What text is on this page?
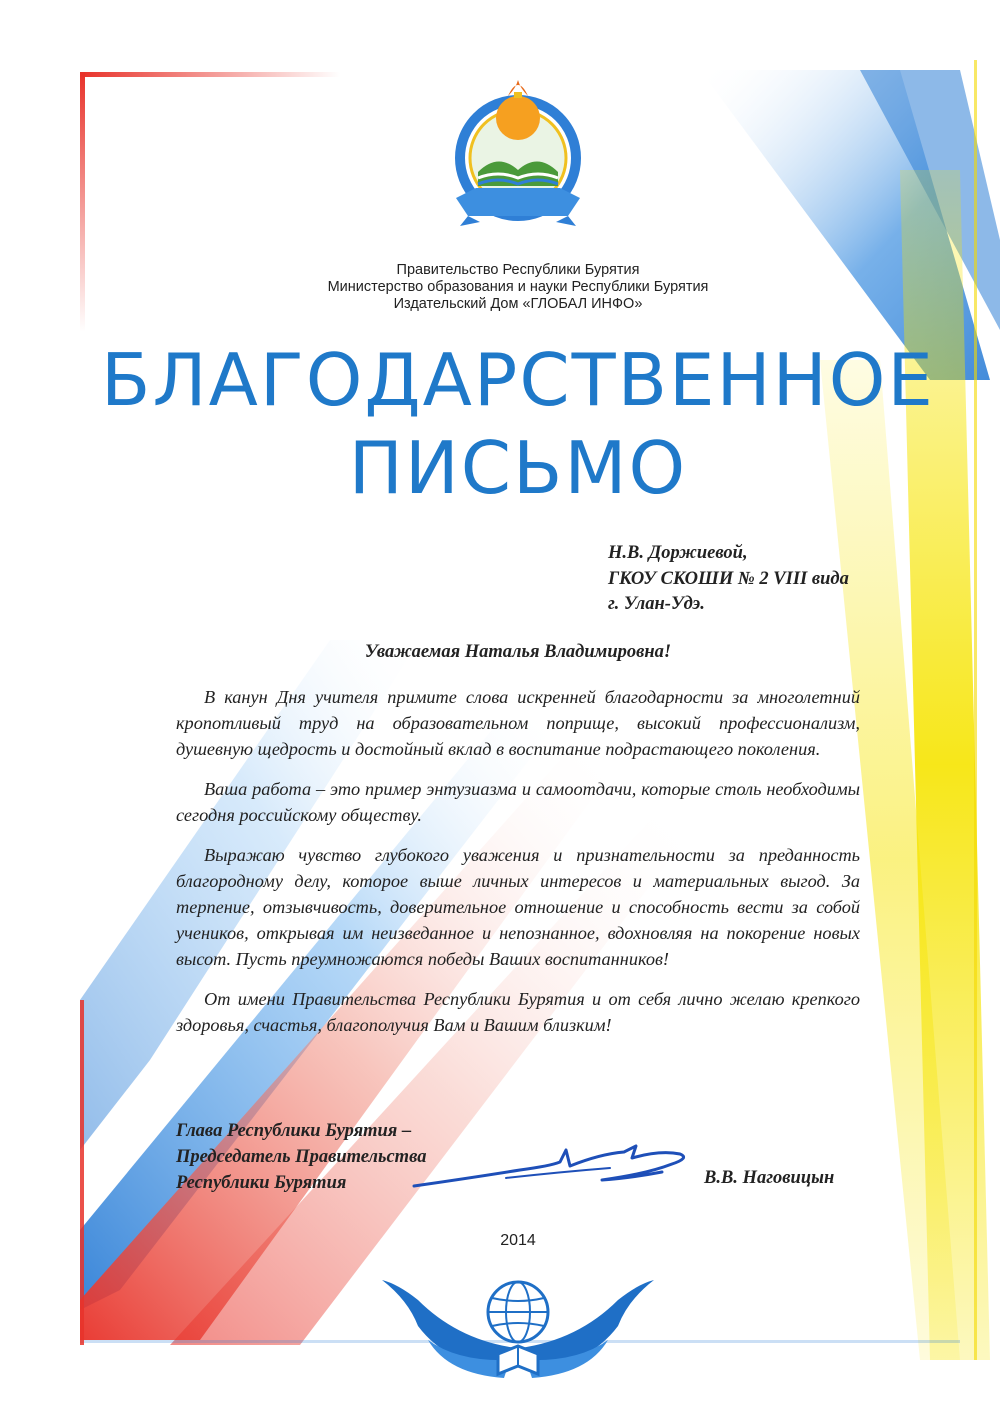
Правительство Республики Бурятия
Министерство образования и науки Республики Бурятия
Издательский Дом «ГЛОБАЛ ИНФО»
БЛАГОДАРСТВЕННОЕ
ПИСЬМО
Н.В. Доржиевой,
ГКОУ СКОШИ № 2 VIII вида
г. Улан-Удэ.
Уважаемая Наталья Владимировна!

В канун Дня учителя примите слова искренней благодарности за многолетний кропотливый труд на образовательном поприще, высокий профессионализм, душевную щедрость и достойный вклад в воспитание подрастающего поколения.

Ваша работа – это пример энтузиазма и самоотдачи, которые столь необходимы сегодня российскому обществу.

Выражаю чувство глубокого уважения и признательности за преданность благородному делу, которое выше личных интересов и материальных выгод. За терпение, отзывчивость, доверительное отношение и способность вести за собой учеников, открывая им неизведанное и непознанное, вдохновляя на покорение новых высот. Пусть преумножаются победы Ваших воспитанников!

От имени Правительства Республики Бурятия и от себя лично желаю крепкого здоровья, счастья, благополучия Вам и Вашим близким!

Глава Республики Бурятия –
Председатель Правительства
Республики Бурятия	В.В. Наговицын
2014
